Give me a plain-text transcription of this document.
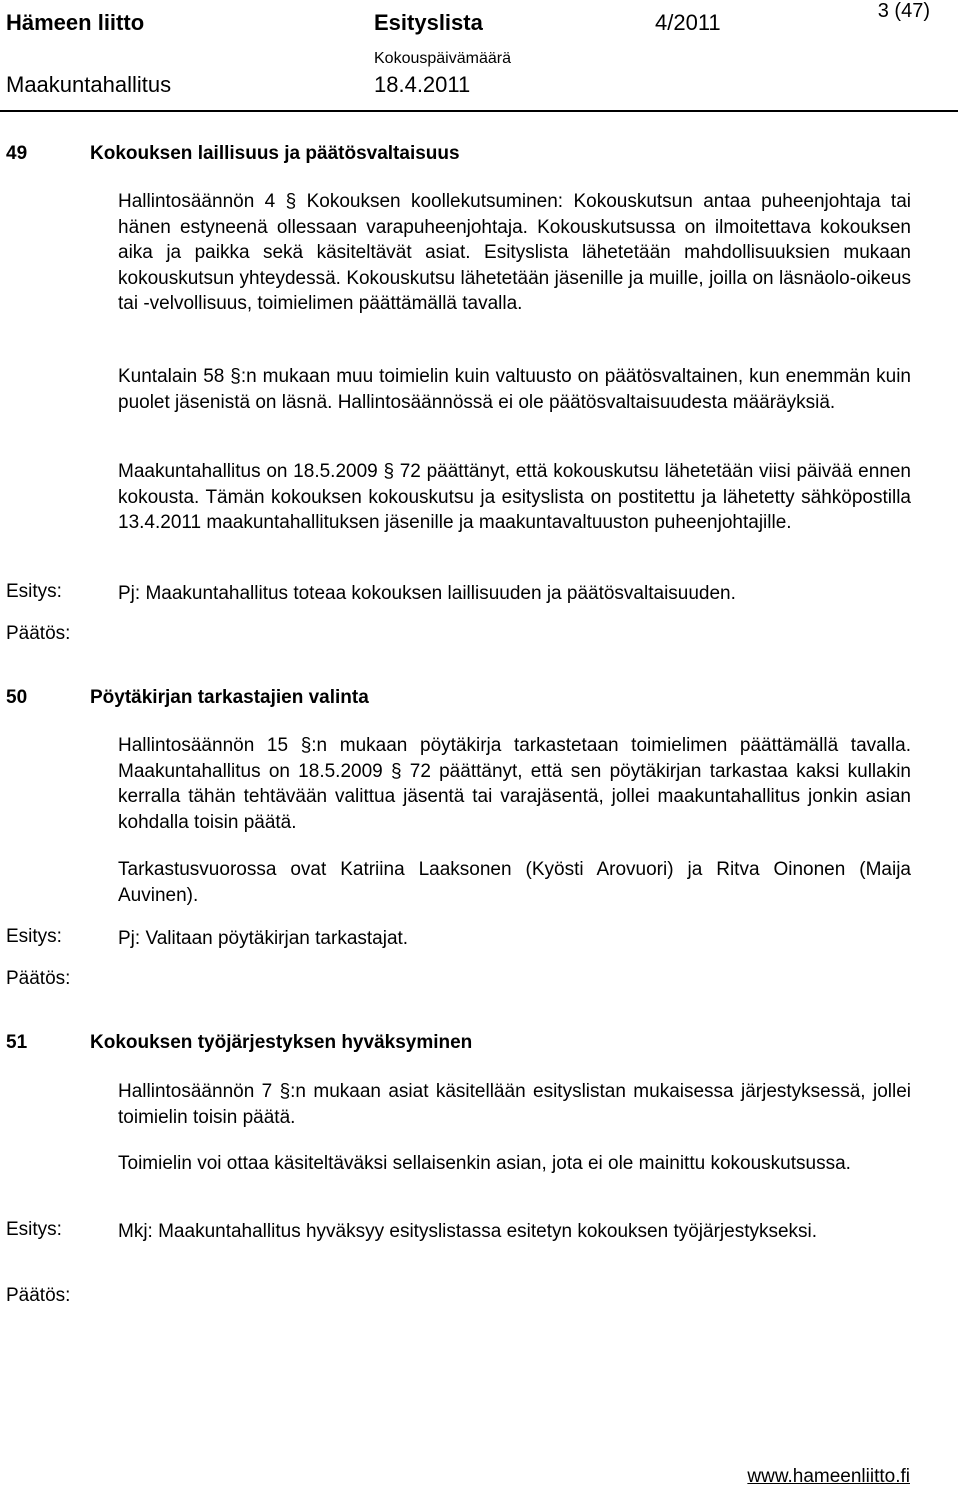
Hämeen liitto	Esityslista	4/2011	3 (47)
Kokouspäivämäärä
Maakuntahallitus	18.4.2011
49	Kokouksen laillisuus ja päätösvaltaisuus
Hallintosäännön 4 § Kokouksen koollekutsuminen: Kokouskutsun antaa puheenjohtaja tai hänen estyneenä ollessaan varapuheenjohtaja. Kokouskutsussa on ilmoitettava kokouksen aika ja paikka sekä käsiteltävät asiat. Esityslista lähetetään mahdollisuuksien mukaan kokouskutsun yhteydessä. Kokouskutsu lähetetään jäsenille ja muille, joilla on läsnäolo-oikeus tai -velvollisuus, toimielimen päättämällä tavalla.
Kuntalain 58 §:n mukaan muu toimielin kuin valtuusto on päätösvaltainen, kun enemmän kuin puolet jäsenistä on läsnä. Hallintosäännössä ei ole päätösvaltaisuudesta määräyksiä.
Maakuntahallitus on 18.5.2009 § 72 päättänyt, että kokouskutsu lähetetään viisi päivää ennen kokousta. Tämän kokouksen kokouskutsu ja esityslista on postitettu ja lähetetty sähköpostilla 13.4.2011 maakuntahallituksen jäsenille ja maakuntavaltuuston puheenjohtajille.
Esitys:	Pj: Maakuntahallitus toteaa kokouksen laillisuuden ja päätösvaltaisuuden.
Päätös:
50	Pöytäkirjan tarkastajien valinta
Hallintosäännön 15 §:n mukaan pöytäkirja tarkastetaan toimielimen päättämällä tavalla. Maakuntahallitus on 18.5.2009 § 72 päättänyt, että sen pöytäkirjan tarkastaa kaksi kullakin kerralla tähän tehtävään valittua jäsentä tai varajäsentä, jollei maakuntahallitus jonkin asian kohdalla toisin päätä.
Tarkastusvuorossa ovat Katriina Laaksonen (Kyösti Arovuori) ja Ritva Oinonen (Maija Auvinen).
Esitys:	Pj: Valitaan pöytäkirjan tarkastajat.
Päätös:
51	Kokouksen työjärjestyksen hyväksyminen
Hallintosäännön 7 §:n mukaan asiat käsitellään esityslistan mukaisessa järjestyksessä, jollei toimielin toisin päätä.
Toimielin voi ottaa käsiteltäväksi sellaisenkin asian, jota ei ole mainittu kokouskutsussa.
Esitys:	Mkj: Maakuntahallitus hyväksyy esityslistassa esitetyn kokouksen työjärjestykseksi.
Päätös:
www.hameenliitto.fi
